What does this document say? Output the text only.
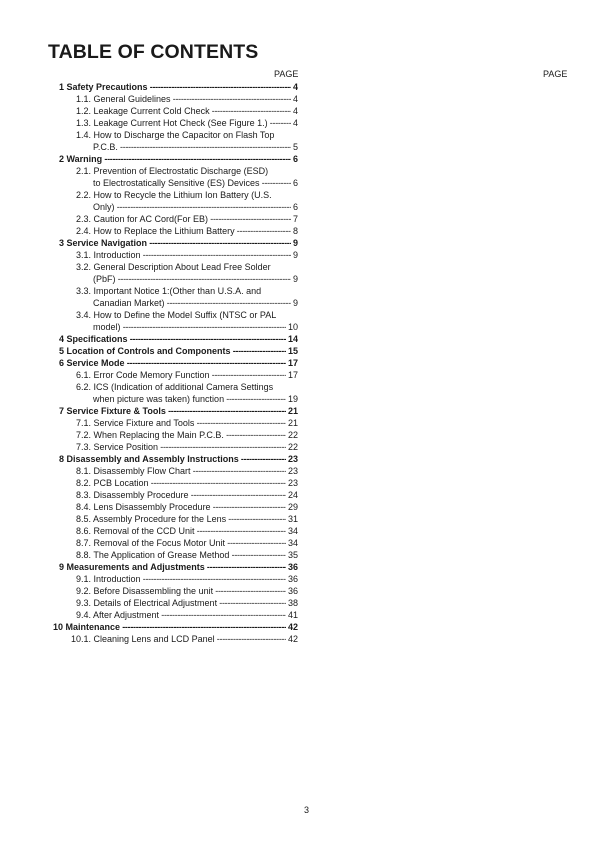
TABLE OF CONTENTS
PAGE	PAGE
1 Safety Precautions -----	4
1.1. General Guidelines -----	4
1.2. Leakage Current Cold Check -----	4
1.3. Leakage Current Hot Check (See Figure 1.) -----	4
1.4. How to Discharge the Capacitor on Flash Top
P.C.B. -----	5
2 Warning -----	6
2.1. Prevention of Electrostatic Discharge (ESD)
to Electrostatically Sensitive (ES) Devices -----	6
2.2. How to Recycle the Lithium Ion Battery (U.S.
Only) -----	6
2.3. Caution for AC Cord(For EB) -----	7
2.4. How to Replace the Lithium Battery -----	8
3 Service Navigation -----	9
3.1. Introduction -----	9
3.2. General Description About Lead Free Solder
(PbF) -----	9
3.3. Important Notice 1:(Other than U.S.A. and
Canadian Market) -----	9
3.4. How to Define the Model Suffix (NTSC or PAL
model) -----	10
4 Specifications -----	14
5 Location of Controls and Components -----	15
6 Service Mode -----	17
6.1. Error Code Memory Function -----	17
6.2. ICS (Indication of additional Camera Settings
when picture was taken) function -----	19
7 Service Fixture & Tools -----	21
7.1. Service Fixture and Tools -----	21
7.2. When Replacing the Main P.C.B. -----	22
7.3. Service Position -----	22
8 Disassembly and Assembly Instructions -----	23
8.1. Disassembly Flow Chart -----	23
8.2. PCB Location -----	23
8.3. Disassembly Procedure -----	24
8.4. Lens Disassembly Procedure -----	29
8.5. Assembly Procedure for the Lens -----	31
8.6. Removal of the CCD Unit -----	34
8.7. Removal of the Focus Motor Unit -----	34
8.8. The Application of Grease Method -----	35
9 Measurements and Adjustments -----	36
9.1. Introduction -----	36
9.2. Before Disassembling the unit -----	36
9.3. Details of Electrical Adjustment -----	38
9.4. After Adjustment -----	41
10 Maintenance -----	42
10.1. Cleaning Lens and LCD Panel -----	42
3
